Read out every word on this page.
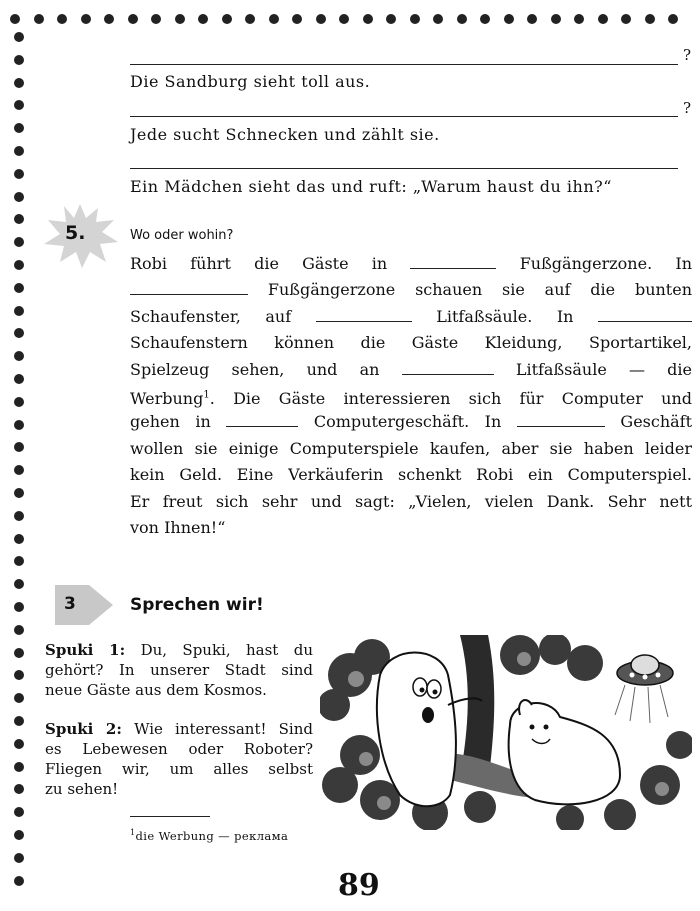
?
Die Sandburg sieht toll aus.
?
Jede sucht Schnecken und zählt sie.
Ein Mädchen sieht das und ruft: „Warum haust du ihn?“
5.	Wo oder wohin?
Robi führt die Gäste in	Fußgängerzone. In
Fußgängerzone schauen sie auf die bunten
Schaufenster, auf	Litfaßsäule. In
Schaufenstern können die Gäste Kleidung, Sportartikel,
Spielzeug sehen, und an	Litfaßsäule — die
Werbung$^1$. Die Gäste interessieren sich für Computer und
gehen in	Computergeschäft. In	Geschäft
wollen sie einige Computerspiele kaufen, aber sie haben leider
kein Geld. Eine Verkäuferin schenkt Robi ein Computerspiel.
Er freut sich sehr und sagt: „Vielen, vielen Dank. Sehr nett
von Ihnen!“
3	Sprechen wir!
Spuki 1: Du, Spuki, hast du
gehört? In unserer Stadt sind
neue Gäste aus dem Kosmos.
Spuki 2: Wie interessant! Sind
es Lebewesen oder Roboter?
Fliegen wir, um alles selbst
zu sehen!
$^1$die Werbung — реклама
89
